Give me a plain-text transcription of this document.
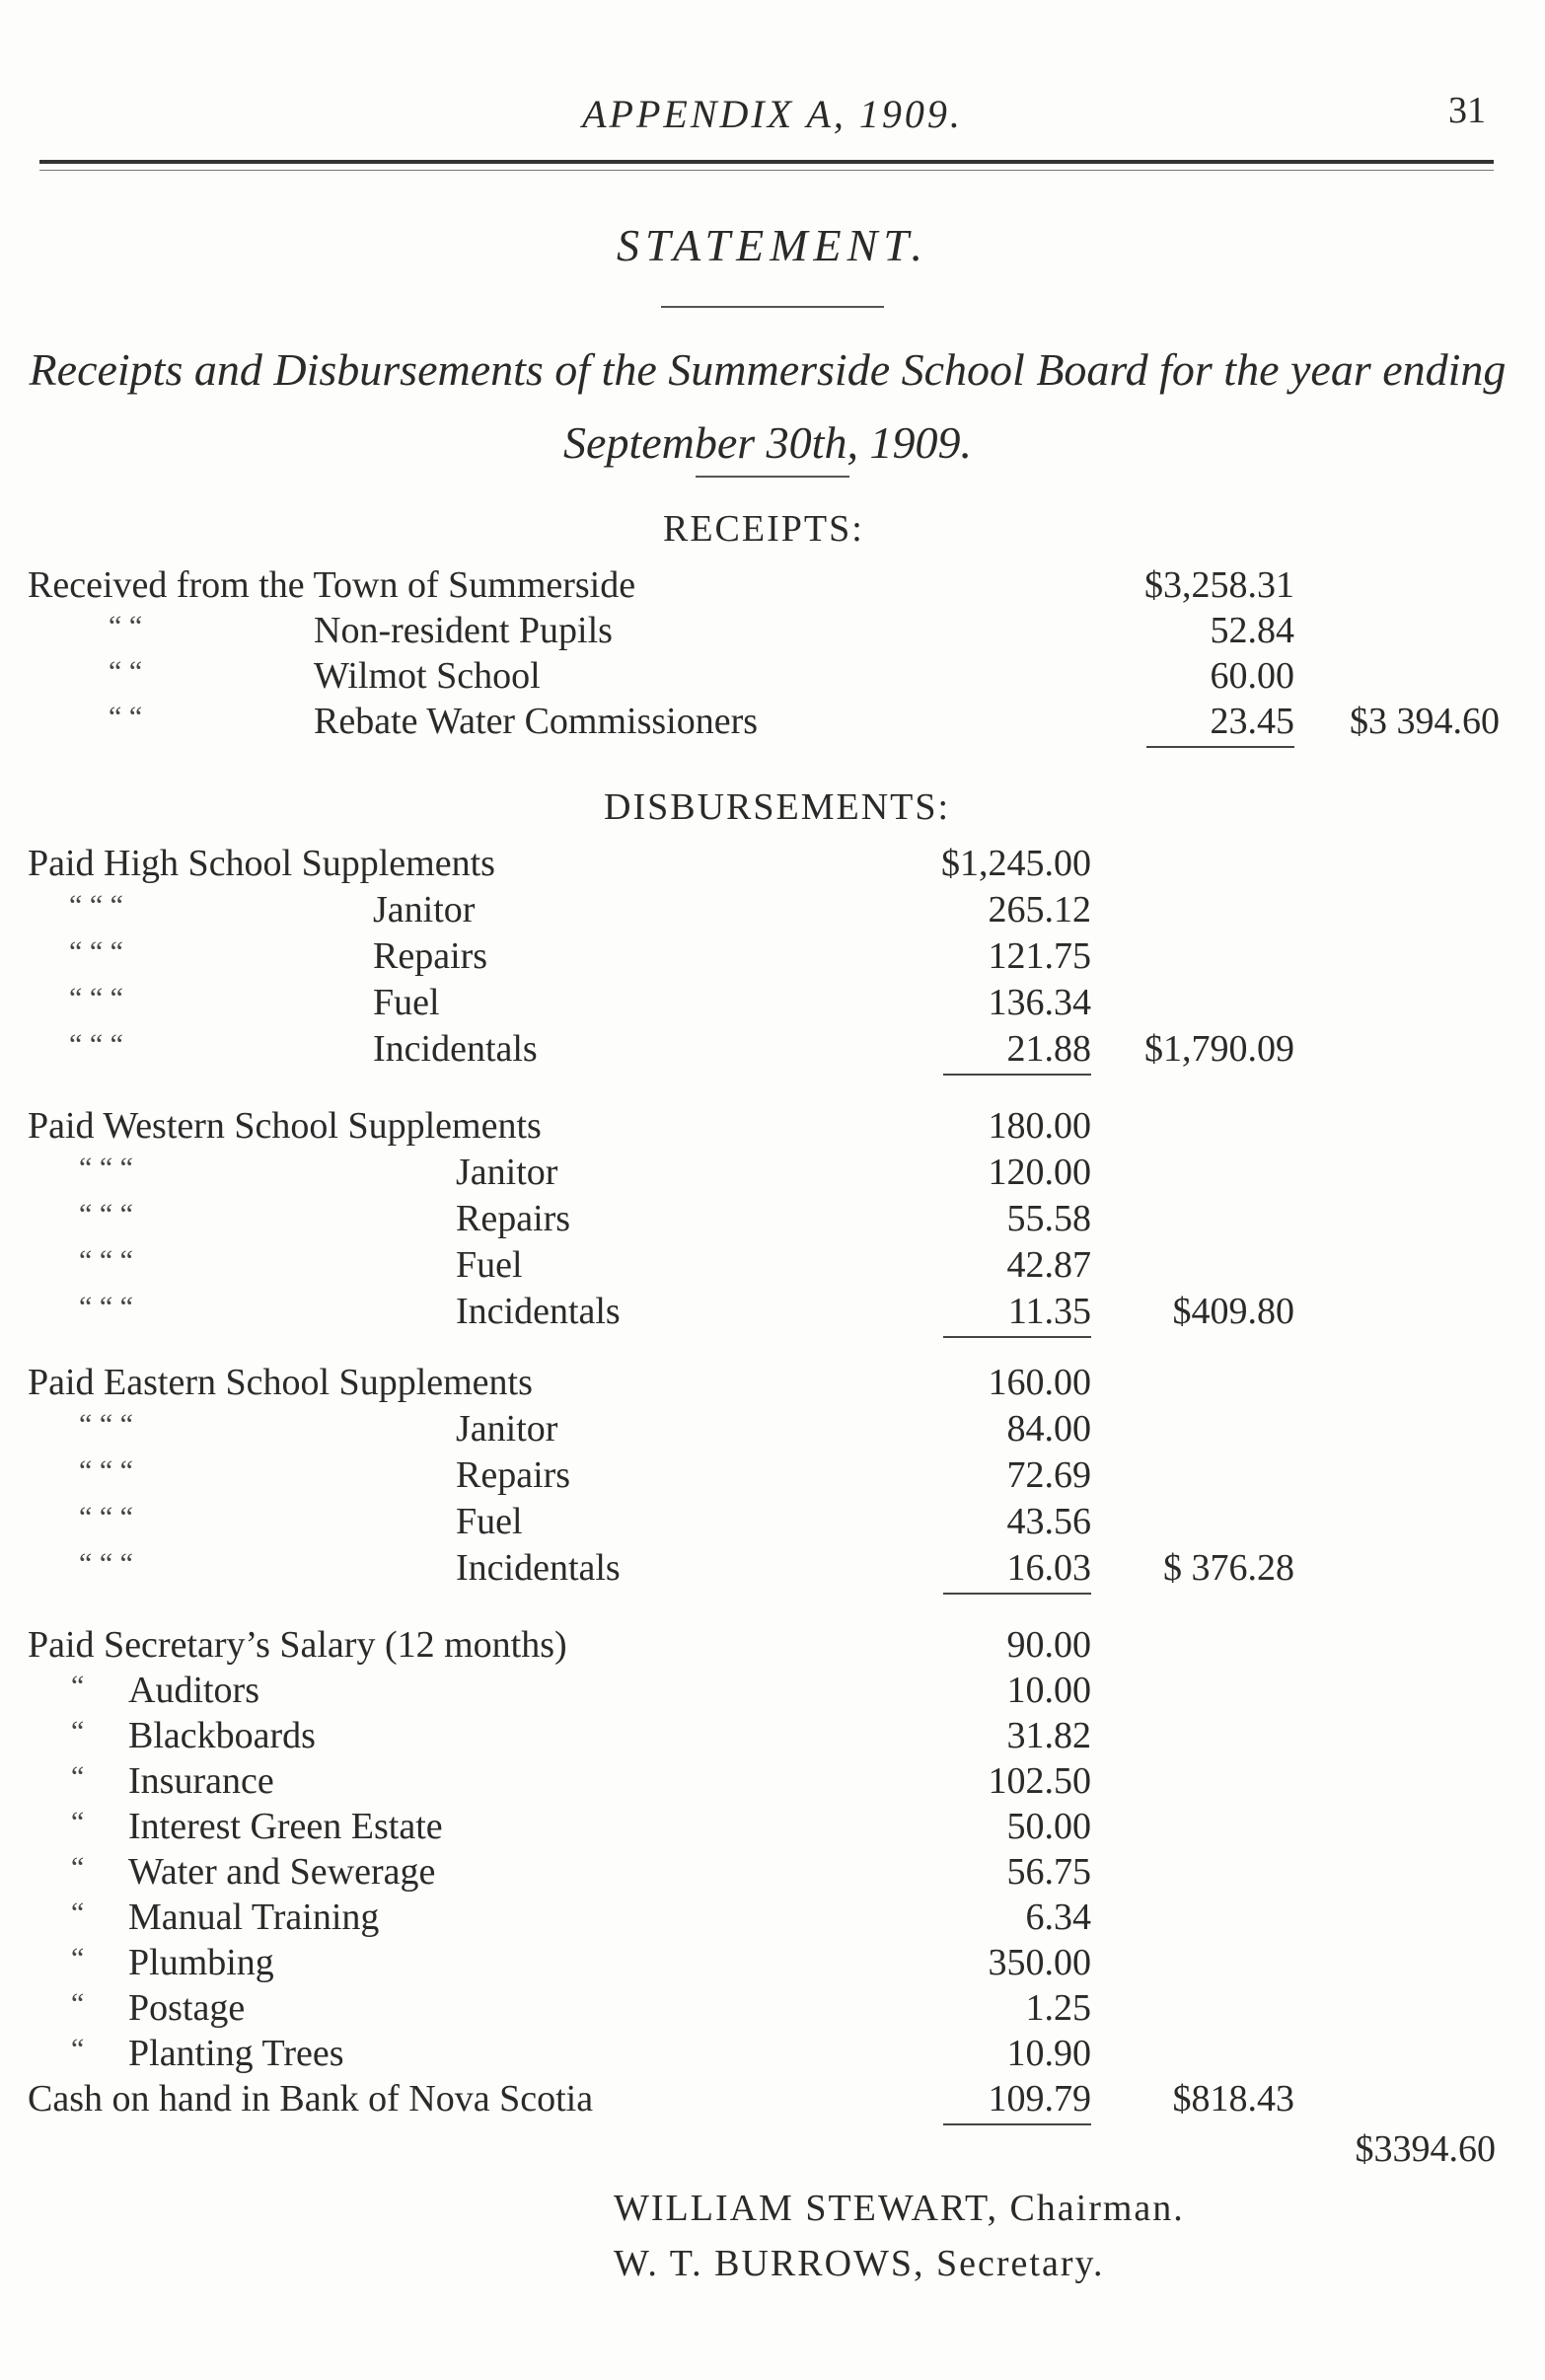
APPENDIX A, 1909.	31
STATEMENT.
Receipts and Disbursements of the Summerside School Board for the year ending September 30th, 1909.
RECEIPTS:
Received from the Town of Summerside	$3,258.31
“ “	Non-resident Pupils	52.84
“ “	Wilmot School	60.00
“ “	Rebate Water Commissioners	23.45 $3 394.60
DISBURSEMENTS:
Paid High School Supplements	$1,245.00
“ “ “	Janitor	265.12
“ “ “	Repairs	121.75
“ “ “	Fuel	136.34
“ “ “	Incidentals	21.88 $1,790.09
Paid Western School Supplements	180.00
“ “ “	Janitor	120.00
“ “ “	Repairs	55.58
“ “ “	Fuel	42.87
“ “ “	Incidentals	11.35 $409.80
Paid Eastern School Supplements	160.00
“ “ “	Janitor	84.00
“ “ “	Repairs	72.69
“ “ “	Fuel	43.56
“ “ “	Incidentals	16.03 $ 376.28
Paid Secretary’s Salary (12 months)	90.00
“ Auditors	10.00
“ Blackboards	31.82
“ Insurance	102.50
“ Interest Green Estate	50.00
“ Water and Sewerage	56.75
“ Manual Training	6.34
“ Plumbing	350.00
“ Postage	1.25
“ Planting Trees	10.90
Cash on hand in Bank of Nova Scotia	109.79 $818.43
$3394.60
WILLIAM STEWART, Chairman.
W. T. BURROWS, Secretary.
